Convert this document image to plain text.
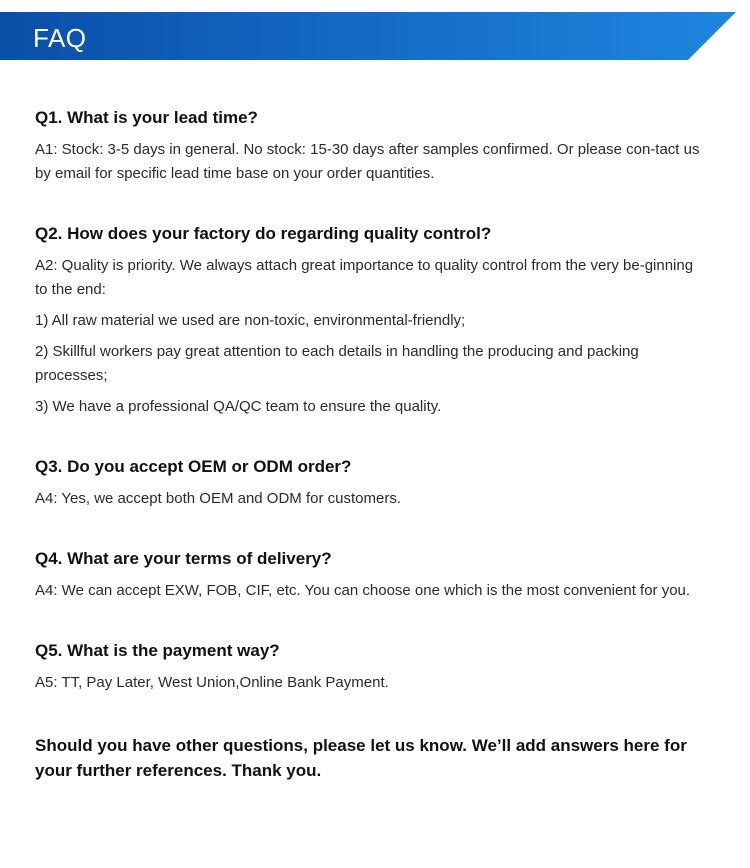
FAQ

Q1. What is your lead time?

A1: Stock: 3-5 days in general. No stock: 15-30 days after samples confirmed. Or please con-tact us by email for specific lead time base on your order quantities.

Q2. How does your factory do regarding quality control?

A2: Quality is priority. We always attach great importance to quality control from the very be-ginning to the end:

1) All raw material we used are non-toxic, environmental-friendly;

2) Skillful workers pay great attention to each details in handling the producing and packing processes;

3) We have a professional QA/QC team to ensure the quality.

Q3. Do you accept OEM or ODM order?

A4: Yes, we accept both OEM and ODM for customers.

Q4. What are your terms of delivery?

A4: We can accept EXW, FOB, CIF, etc. You can choose one which is the most convenient for you.

Q5. What is the payment way?

A5: TT, Pay Later, West Union,Online Bank Payment.

Should you have other questions, please let us know. We’ll add answers here for your further references. Thank you.
